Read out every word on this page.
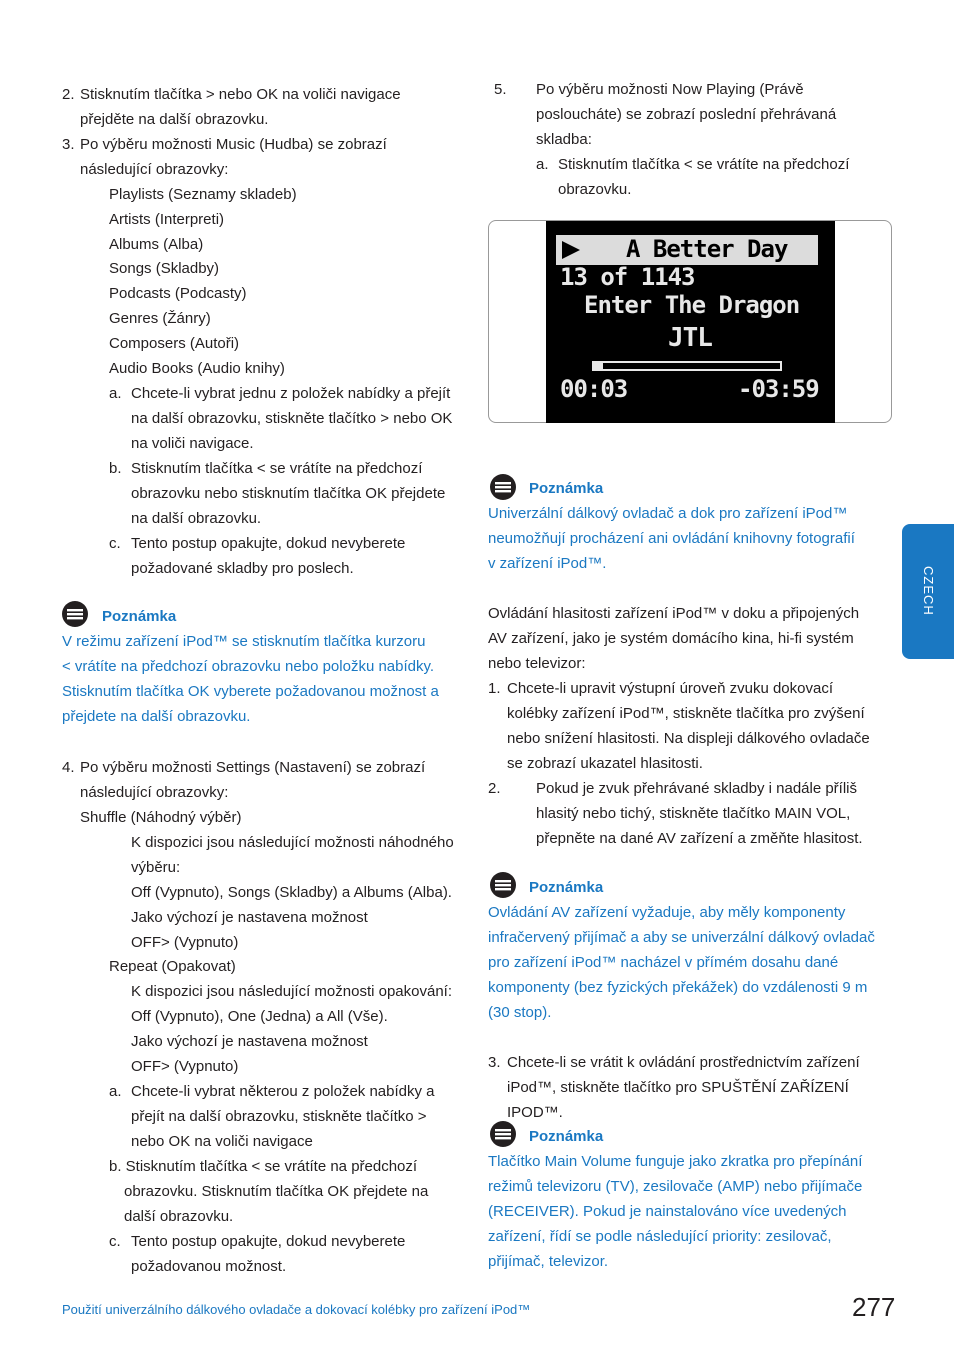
2. Stisknutím tlačítka > nebo OK na voliči navigace
přejděte na další obrazovku.
3. Po výběru možnosti Music (Hudba) se zobrazí
následující obrazovky:
Playlists (Seznamy skladeb)
Artists (Interpreti)
Albums (Alba)
Songs (Skladby)
Podcasts (Podcasty)
Genres (Žánry)
Composers (Autoři)
Audio Books (Audio knihy)
a. Chcete-li vybrat jednu z položek nabídky a přejít
na další obrazovku, stiskněte tlačítko > nebo OK
na voliči navigace.
b. Stisknutím tlačítka < se vrátíte na předchozí
obrazovku nebo stisknutím tlačítka OK přejdete
na další obrazovku.
c. Tento postup opakujte, dokud nevyberete
požadované skladby pro poslech.
4. Po výběru možnosti Settings (Nastavení) se zobrazí
následující obrazovky:
Shuffle (Náhodný výběr)
K dispozici jsou následující možnosti náhodného
výběru:
Off (Vypnuto), Songs (Skladby) a Albums (Alba).
Jako výchozí je nastavena možnost
OFF> (Vypnuto)
Repeat (Opakovat)
K dispozici jsou následující možnosti opakování:
Off (Vypnuto), One (Jedna) a All (Vše).
Jako výchozí je nastavena možnost
OFF> (Vypnuto)
a. Chcete-li vybrat některou z položek nabídky a
přejít na další obrazovku, stiskněte tlačítko >
nebo OK na voliči navigace
b. Stisknutím tlačítka < se vrátíte na předchozí
obrazovku. Stisknutím tlačítka OK přejdete na
další obrazovku.
c. Tento postup opakujte, dokud nevyberete
požadovanou možnost.
Poznámka
V režimu zařízení iPod™ se stisknutím tlačítka kurzoru
< vrátíte na předchozí obrazovku nebo položku nabídky.
Stisknutím tlačítka OK vyberete požadovanou možnost a
přejdete na další obrazovku.
5. Po výběru možnosti Now Playing (Právě
poslouchátе) se zobrazí poslední přehrávaná
skladba:
a. Stisknutím tlačítka < se vrátíte na předchozí
obrazovku.
A Better Day
13 of 1143
Enter The Dragon
JTL
00:03	-03:59
Poznámka
Univerzální dálkový ovladač a dok pro zařízení iPod™
neumožňují procházení ani ovládání knihovny fotografií
v zařízení iPod™.
Ovládání hlasitosti zařízení iPod™ v doku a připojených
AV zařízení, jako je systém domácího kina, hi-fi systém
nebo televizor:
1. Chcete-li upravit výstupní úroveň zvuku dokovací
kolébky zařízení iPod™, stiskněte tlačítka pro zvýšení
nebo snížení hlasitosti. Na displeji dálkového ovladače
se zobrazí ukazatel hlasitosti.
2. Pokud je zvuk přehrávané skladby i nadále příliš
hlasitý nebo tichý, stiskněte tlačítko MAIN VOL,
přepněte na dané AV zařízení a změňte hlasitost.
Poznámka
Ovládání AV zařízení vyžaduje, aby měly komponenty
infračervený přijímač a aby se univerzální dálkový ovladač
pro zařízení iPod™ nacházel v přímém dosahu dané
komponenty (bez fyzických překážek) do vzdálenosti 9 m
(30 stop).
3. Chcete-li se vrátit k ovládání prostřednictvím zařízení
iPod™, stiskněte tlačítko pro SPUŠTĚNÍ ZAŘÍZENÍ
IPOD™.
Poznámka
Tlačítko Main Volume funguje jako zkratka pro přepínání
režimů televizoru (TV), zesilovače (AMP) nebo přijímače
(RECEIVER). Pokud je nainstalováno více uvedených
zařízení, řídí se podle následující priority: zesilovač,
přijímač, televizor.
CZECH
Použití univerzálního dálkového ovladače a dokovací kolébky pro zařízení iPod™	277
